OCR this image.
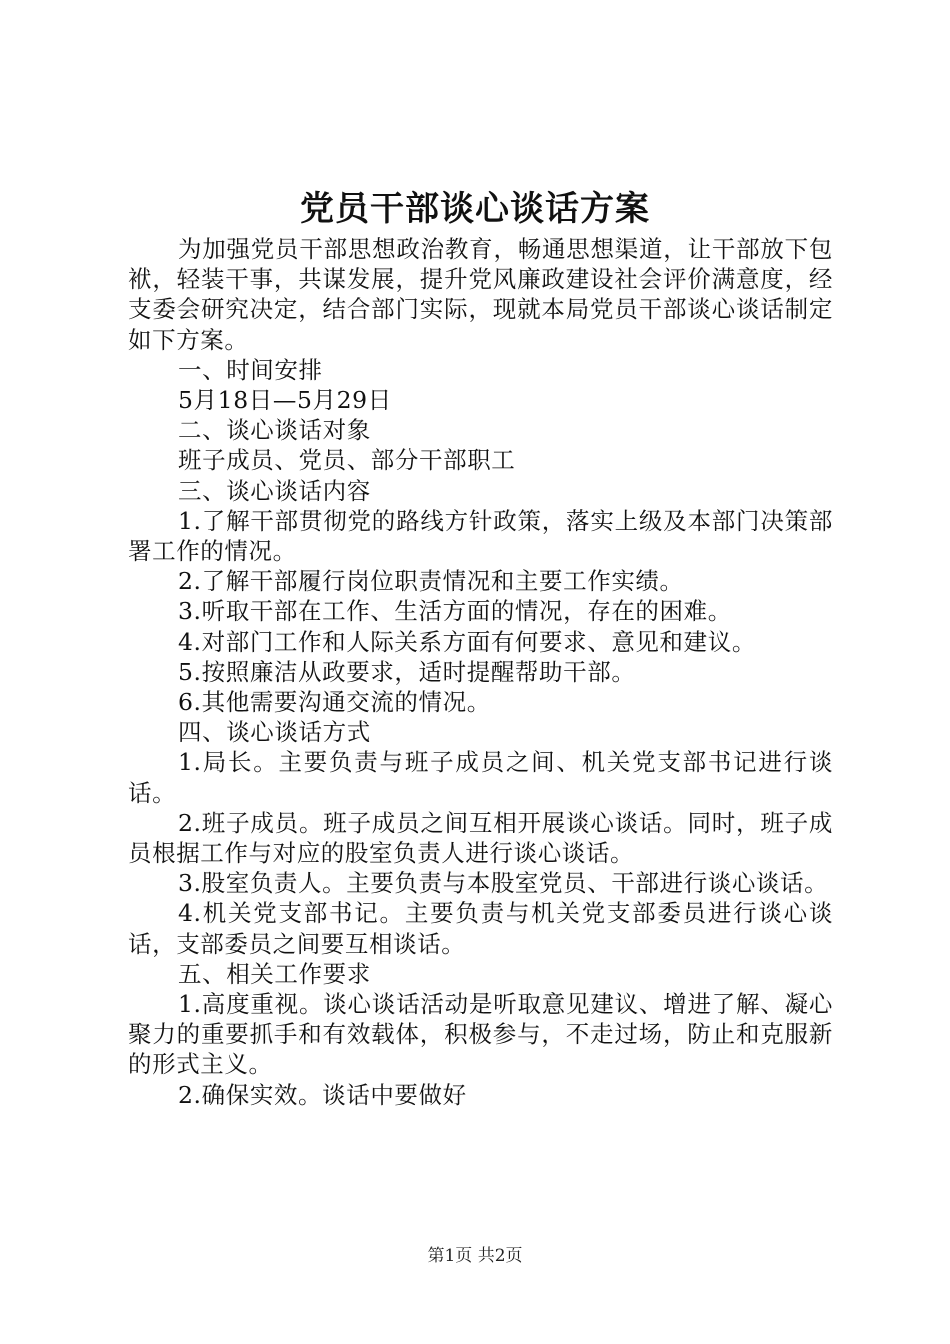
党员干部谈心谈话方案

为加强党员干部思想政治教育，畅通思想渠道，让干部放下包袱，轻装干事，共谋发展，提升党风廉政建设社会评价满意度，经支委会研究决定，结合部门实际，现就本局党员干部谈心谈话制定如下方案。

一、时间安排

5月18日—5月29日

二、谈心谈话对象

班子成员、党员、部分干部职工

三、谈心谈话内容

1.了解干部贯彻党的路线方针政策，落实上级及本部门决策部署工作的情况。

2.了解干部履行岗位职责情况和主要工作实绩。

3.听取干部在工作、生活方面的情况，存在的困难。

4.对部门工作和人际关系方面有何要求、意见和建议。

5.按照廉洁从政要求，适时提醒帮助干部。

6.其他需要沟通交流的情况。

四、谈心谈话方式

1.局长。主要负责与班子成员之间、机关党支部书记进行谈话。

2.班子成员。班子成员之间互相开展谈心谈话。同时，班子成员根据工作与对应的股室负责人进行谈心谈话。

3.股室负责人。主要负责与本股室党员、干部进行谈心谈话。

4.机关党支部书记。主要负责与机关党支部委员进行谈心谈话，支部委员之间要互相谈话。

五、相关工作要求

1.高度重视。谈心谈话活动是听取意见建议、增进了解、凝心聚力的重要抓手和有效载体，积极参与，不走过场，防止和克服新的形式主义。

2.确保实效。谈话中要做好

第1页 共2页
